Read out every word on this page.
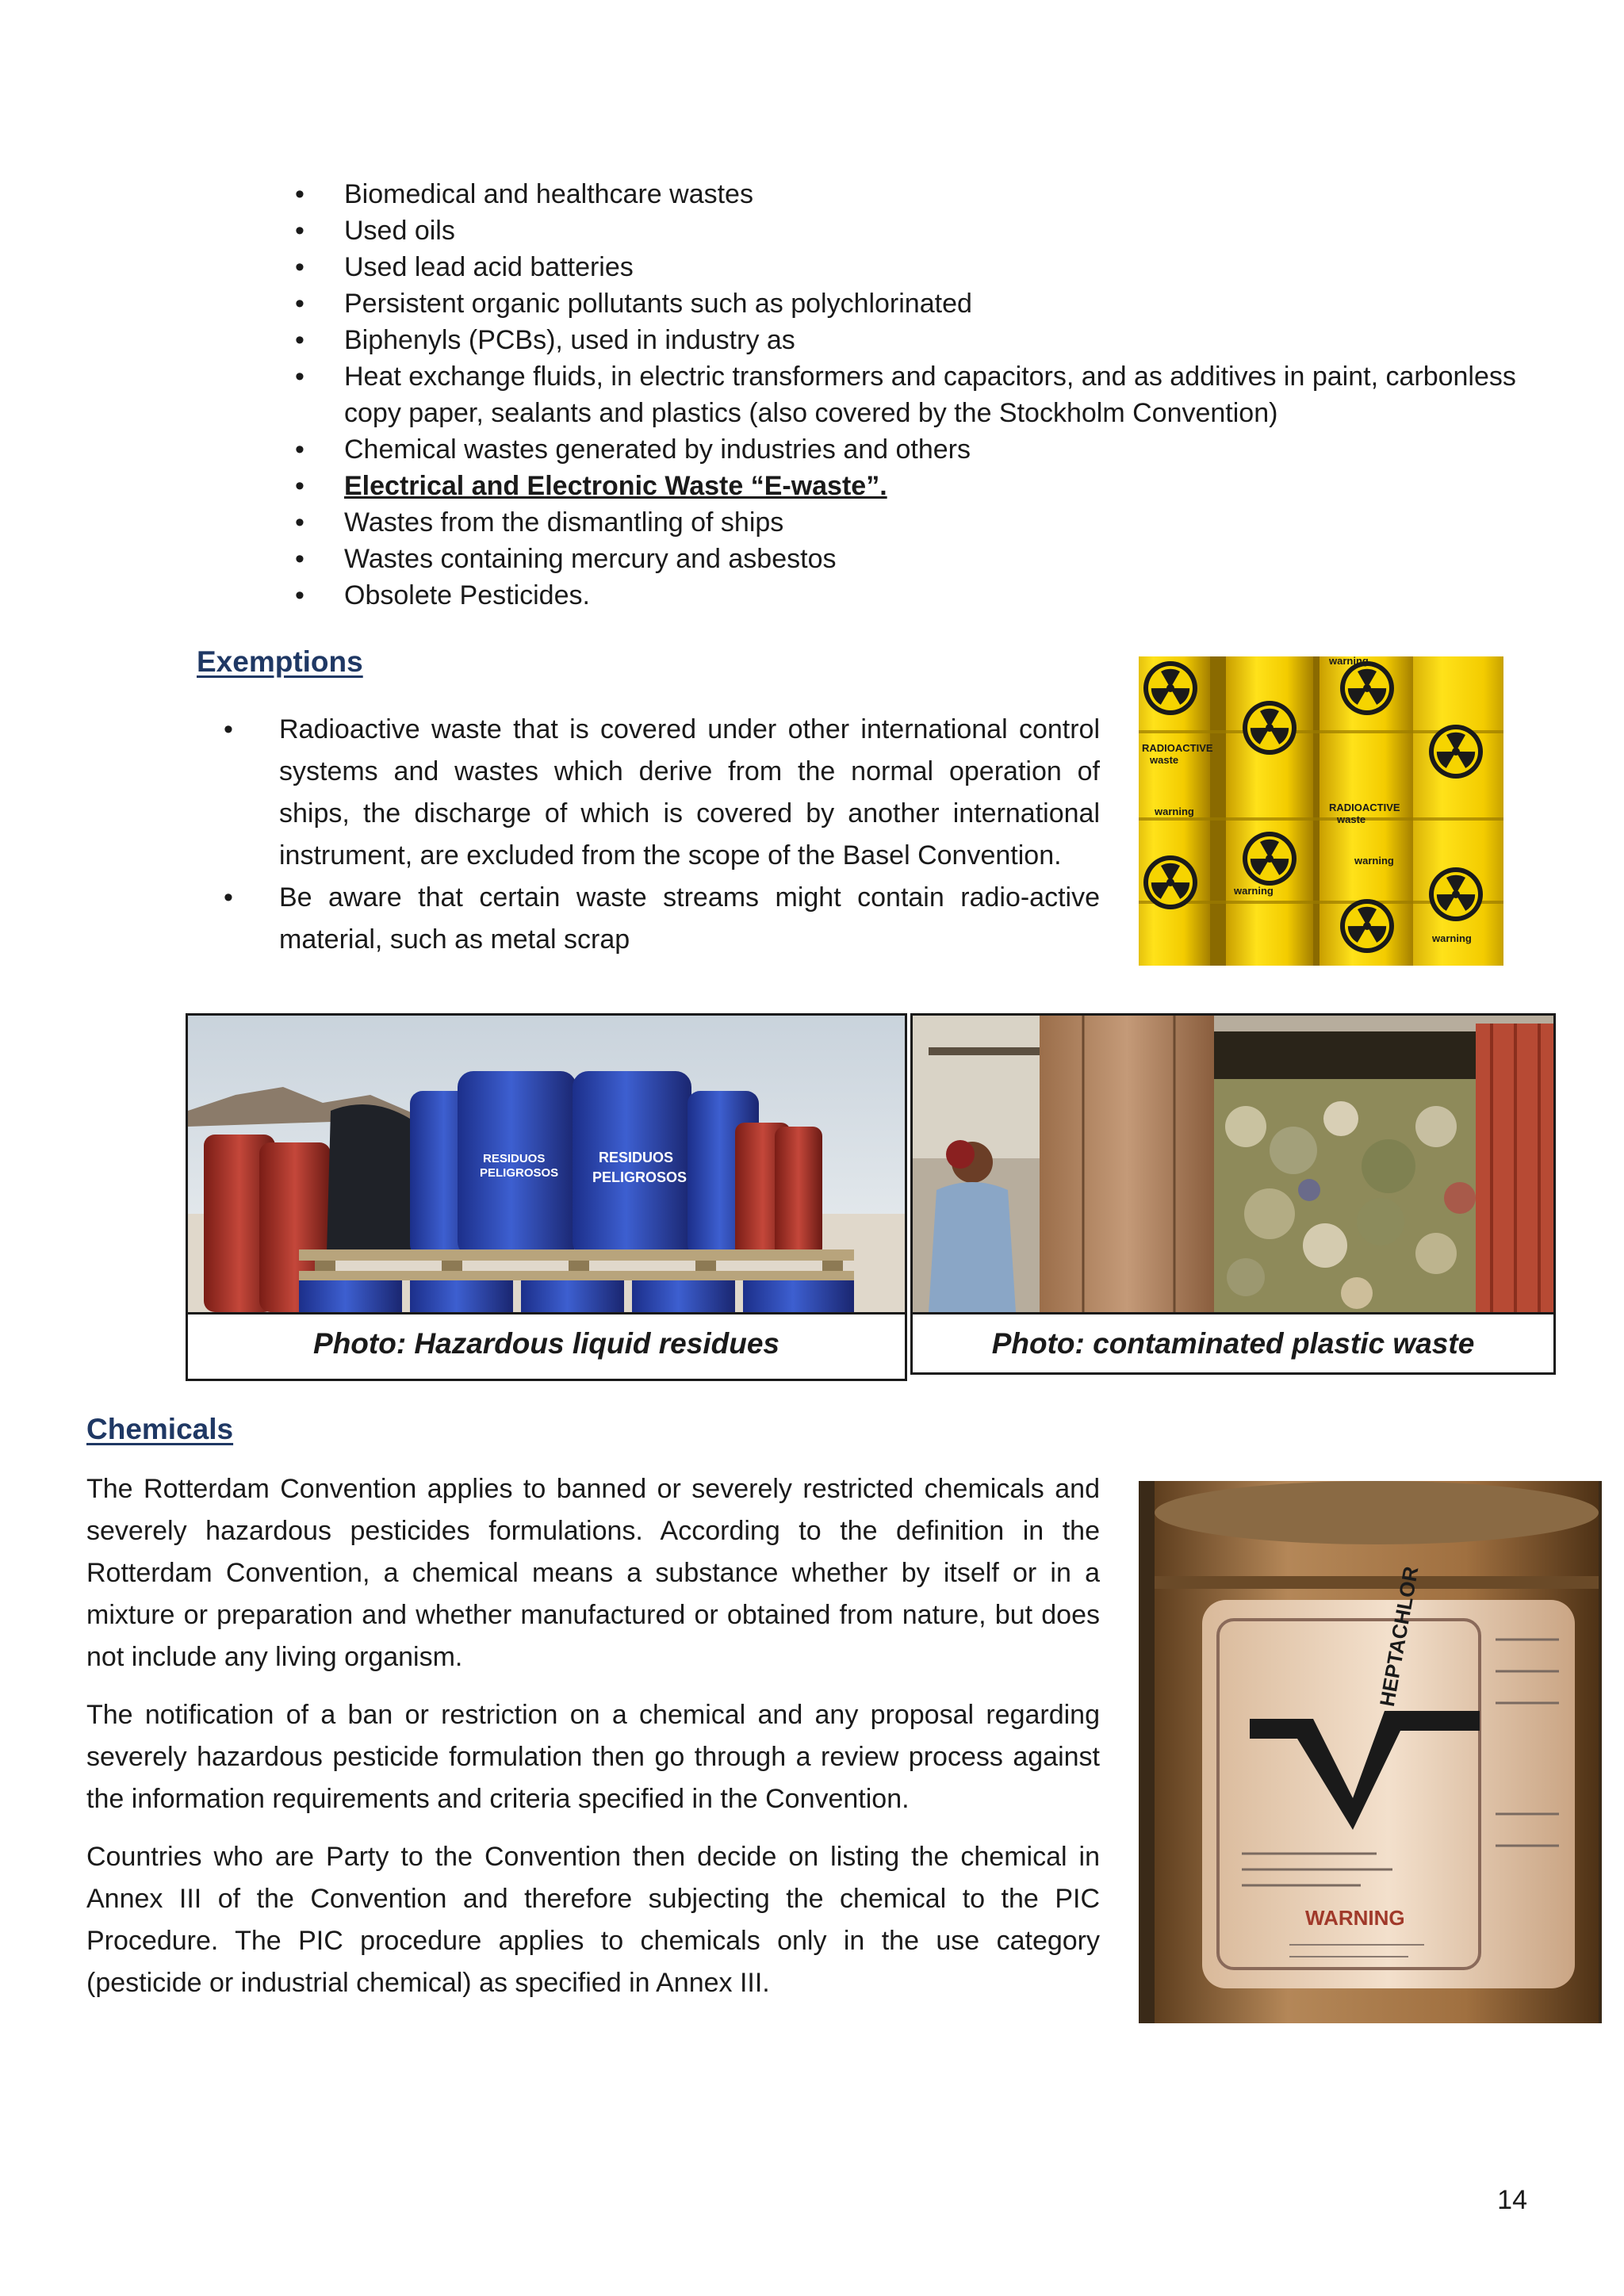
• Biomedical and healthcare wastes
• Used oils
• Used lead acid batteries
• Persistent organic pollutants such as polychlorinated
• Biphenyls (PCBs), used in industry as
• Heat exchange fluids, in electric transformers and capacitors, and as additives in paint, carbonless copy paper, sealants and plastics (also covered by the Stockholm Convention)
• Chemical wastes generated by industries and others
• Electrical and Electronic Waste “E-waste”.
• Wastes from the dismantling of ships
• Wastes containing mercury and asbestos
• Obsolete Pesticides.
Exemptions
• Radioactive waste that is covered under other international control systems and wastes which derive from the normal operation of ships, the discharge of which is covered by another international instrument, are excluded from the scope of the Basel Convention.
• Be aware that certain waste streams might contain radio-active material, such as metal scrap
RADIOACTIVE
waste
warning	RADIOACTIVE
waste
warning
warning
warning
warning
RESIDUOS
PELIGROSOS
RESIDUOS
PELIGROSOS
Photo: Hazardous liquid residues	Photo: contaminated plastic waste
Chemicals

The Rotterdam Convention applies to banned or severely restricted chemicals and severely hazardous pesticides formulations. According to the definition in the Rotterdam Convention, a chemical means a substance whether by itself or in a mixture or preparation and whether manufactured or obtained from nature, but does not include any living organism.

The notification of a ban or restriction on a chemical and any proposal regarding severely hazardous pesticide formulation then go through a review process against the information requirements and criteria specified in the Convention.

Countries who are Party to the Convention then decide on listing the chemical in Annex III of the Convention and therefore subjecting the chemical to the PIC Procedure. The PIC procedure applies to chemicals only in the use category (pesticide or industrial chemical) as specified in Annex III.

HEPTACHLOR
WARNING
14
